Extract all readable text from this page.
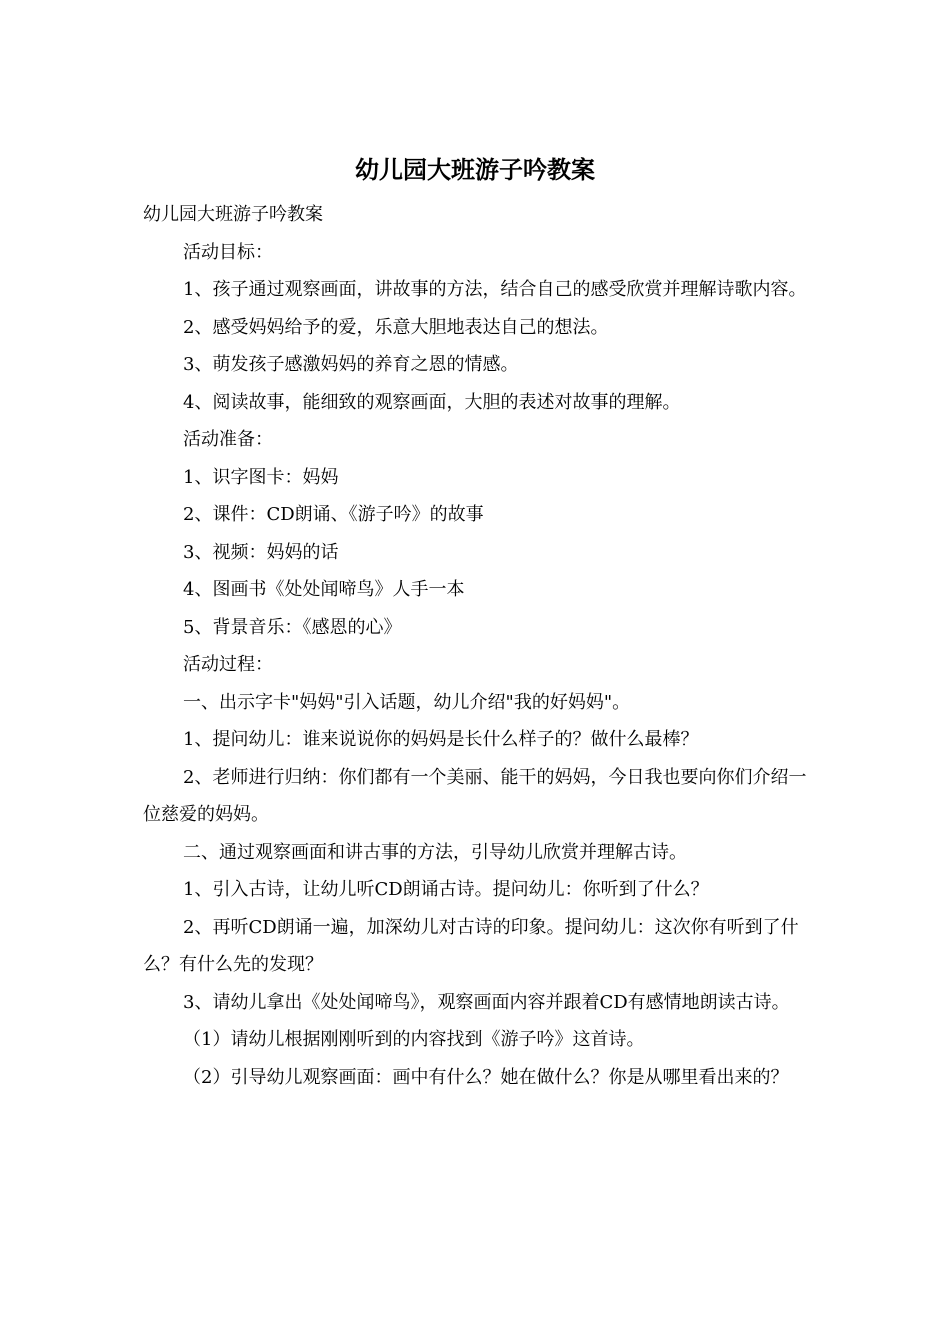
幼儿园大班游子吟教案

幼儿园大班游子吟教案

活动目标：

1、孩子通过观察画面，讲故事的方法，结合自己的感受欣赏并理解诗歌内容。

2、感受妈妈给予的爱，乐意大胆地表达自己的想法。

3、萌发孩子感激妈妈的养育之恩的情感。

4、阅读故事，能细致的观察画面，大胆的表述对故事的理解。

活动准备：

1、识字图卡：妈妈

2、课件：CD朗诵、《游子吟》的故事

3、视频：妈妈的话

4、图画书《处处闻啼鸟》人手一本

5、背景音乐：《感恩的心》

活动过程：

一、出示字卡"妈妈"引入话题，幼儿介绍"我的好妈妈"。

1、提问幼儿：谁来说说你的妈妈是长什么样子的？做什么最棒？

2、老师进行归纳：你们都有一个美丽、能干的妈妈，今日我也要向你们介绍一位慈爱的妈妈。

二、通过观察画面和讲古事的方法，引导幼儿欣赏并理解古诗。

1、引入古诗，让幼儿听CD朗诵古诗。提问幼儿：你听到了什么？

2、再听CD朗诵一遍，加深幼儿对古诗的印象。提问幼儿：这次你有听到了什么？有什么先的发现？

3、请幼儿拿出《处处闻啼鸟》，观察画面内容并跟着CD有感情地朗读古诗。

（1）请幼儿根据刚刚听到的内容找到《游子吟》这首诗。

（2）引导幼儿观察画面：画中有什么？她在做什么？你是从哪里看出来的？
